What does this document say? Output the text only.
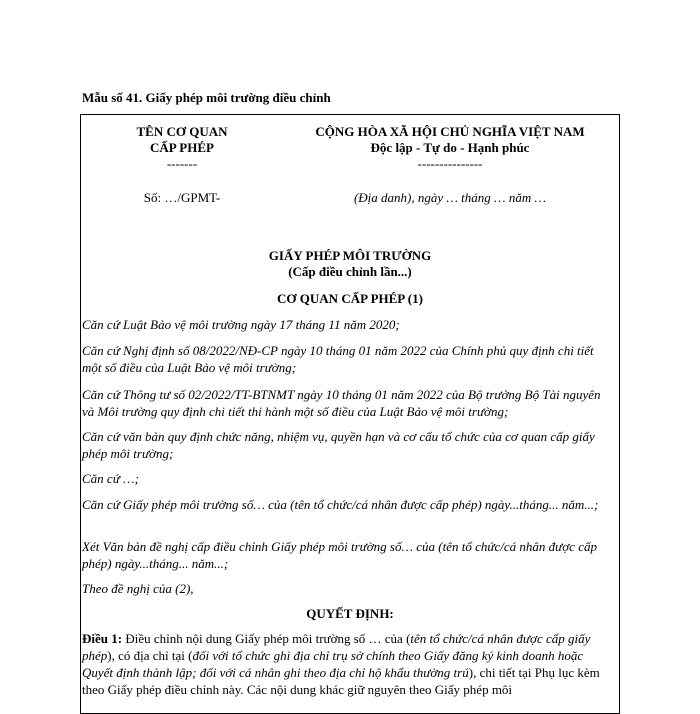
Mẫu số 41. Giấy phép môi trường điều chỉnh
TÊN CƠ QUAN
CẤP PHÉP
-------
Số: …/GPMT-
CỘNG HÒA XÃ HỘI CHỦ NGHĨA VIỆT NAM
Độc lập - Tự do - Hạnh phúc
---------------
(Địa danh), ngày … tháng … năm …
GIẤY PHÉP MÔI TRƯỜNG
(Cấp điều chỉnh lần...)
CƠ QUAN CẤP PHÉP (1)
Căn cứ Luật Bảo vệ môi trường ngày 17 tháng 11 năm 2020;
Căn cứ Nghị định số 08/2022/NĐ-CP ngày 10 tháng 01 năm 2022 của Chính phủ quy định chi tiết một số điều của Luật Bảo vệ môi trường;
Căn cứ Thông tư số 02/2022/TT-BTNMT ngày 10 tháng 01 năm 2022 của Bộ trưởng Bộ Tài nguyên và Môi trường quy định chi tiết thi hành một số điều của Luật Bảo vệ môi trường;
Căn cứ văn bản quy định chức năng, nhiệm vụ, quyền hạn và cơ cấu tổ chức của cơ quan cấp giấy phép môi trường;
Căn cứ …;
Căn cứ Giấy phép môi trường số… của (tên tổ chức/cá nhân được cấp phép) ngày...tháng... năm...;
Xét Văn bản đề nghị cấp điều chỉnh Giấy phép môi trường số… của (tên tổ chức/cá nhân được cấp phép) ngày...tháng... năm...;
Theo đề nghị của (2),
QUYẾT ĐỊNH:
Điều 1: Điều chỉnh nội dung Giấy phép môi trường số … của (tên tổ chức/cá nhân được cấp giấy phép), có địa chỉ tại (đối với tổ chức ghi địa chỉ trụ sở chính theo Giấy đăng ký kinh doanh hoặc Quyết định thành lập; đối với cá nhân ghi theo địa chỉ hộ khẩu thường trú), chi tiết tại Phụ lục kèm theo Giấy phép điều chỉnh này. Các nội dung khác giữ nguyên theo Giấy phép môi
